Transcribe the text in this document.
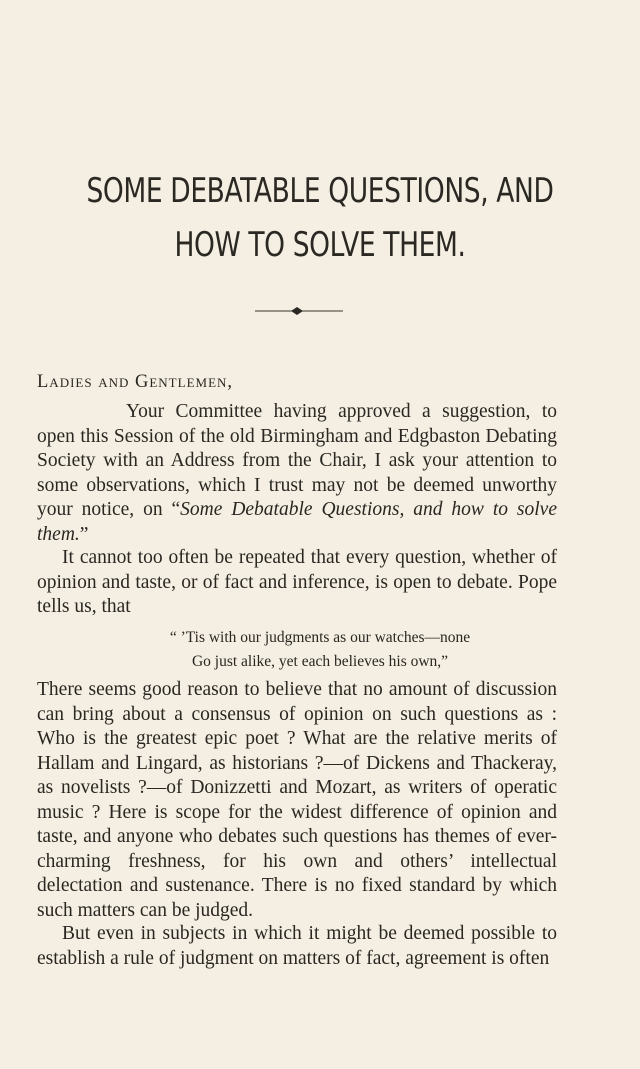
SOME DEBATABLE QUESTIONS, AND
HOW TO SOLVE THEM.
Ladies and Gentlemen,
Your Committee having approved a suggestion, to open this Session of the old Birmingham and Edgbaston Debating Society with an Address from the Chair, I ask your attention to some observations, which I trust may not be deemed unworthy your notice, on “Some Debatable Questions, and how to solve them.”
It cannot too often be repeated that every question, whether of opinion and taste, or of fact and inference, is open to debate. Pope tells us, that
“ ’Tis with our judgments as our watches—none
Go just alike, yet each believes his own,”
There seems good reason to believe that no amount of discussion can bring about a consensus of opinion on such questions as : Who is the greatest epic poet ? What are the relative merits of Hallam and Lingard, as historians ?—of Dickens and Thackeray, as novelists ?—of Donizzetti and Mozart, as writers of operatic music ? Here is scope for the widest difference of opinion and taste, and anyone who debates such questions has themes of ever-charming freshness, for his own and others’ intellectual delectation and sustenance. There is no fixed standard by which such matters can be judged.
But even in subjects in which it might be deemed possible to establish a rule of judgment on matters of fact, agreement is often
